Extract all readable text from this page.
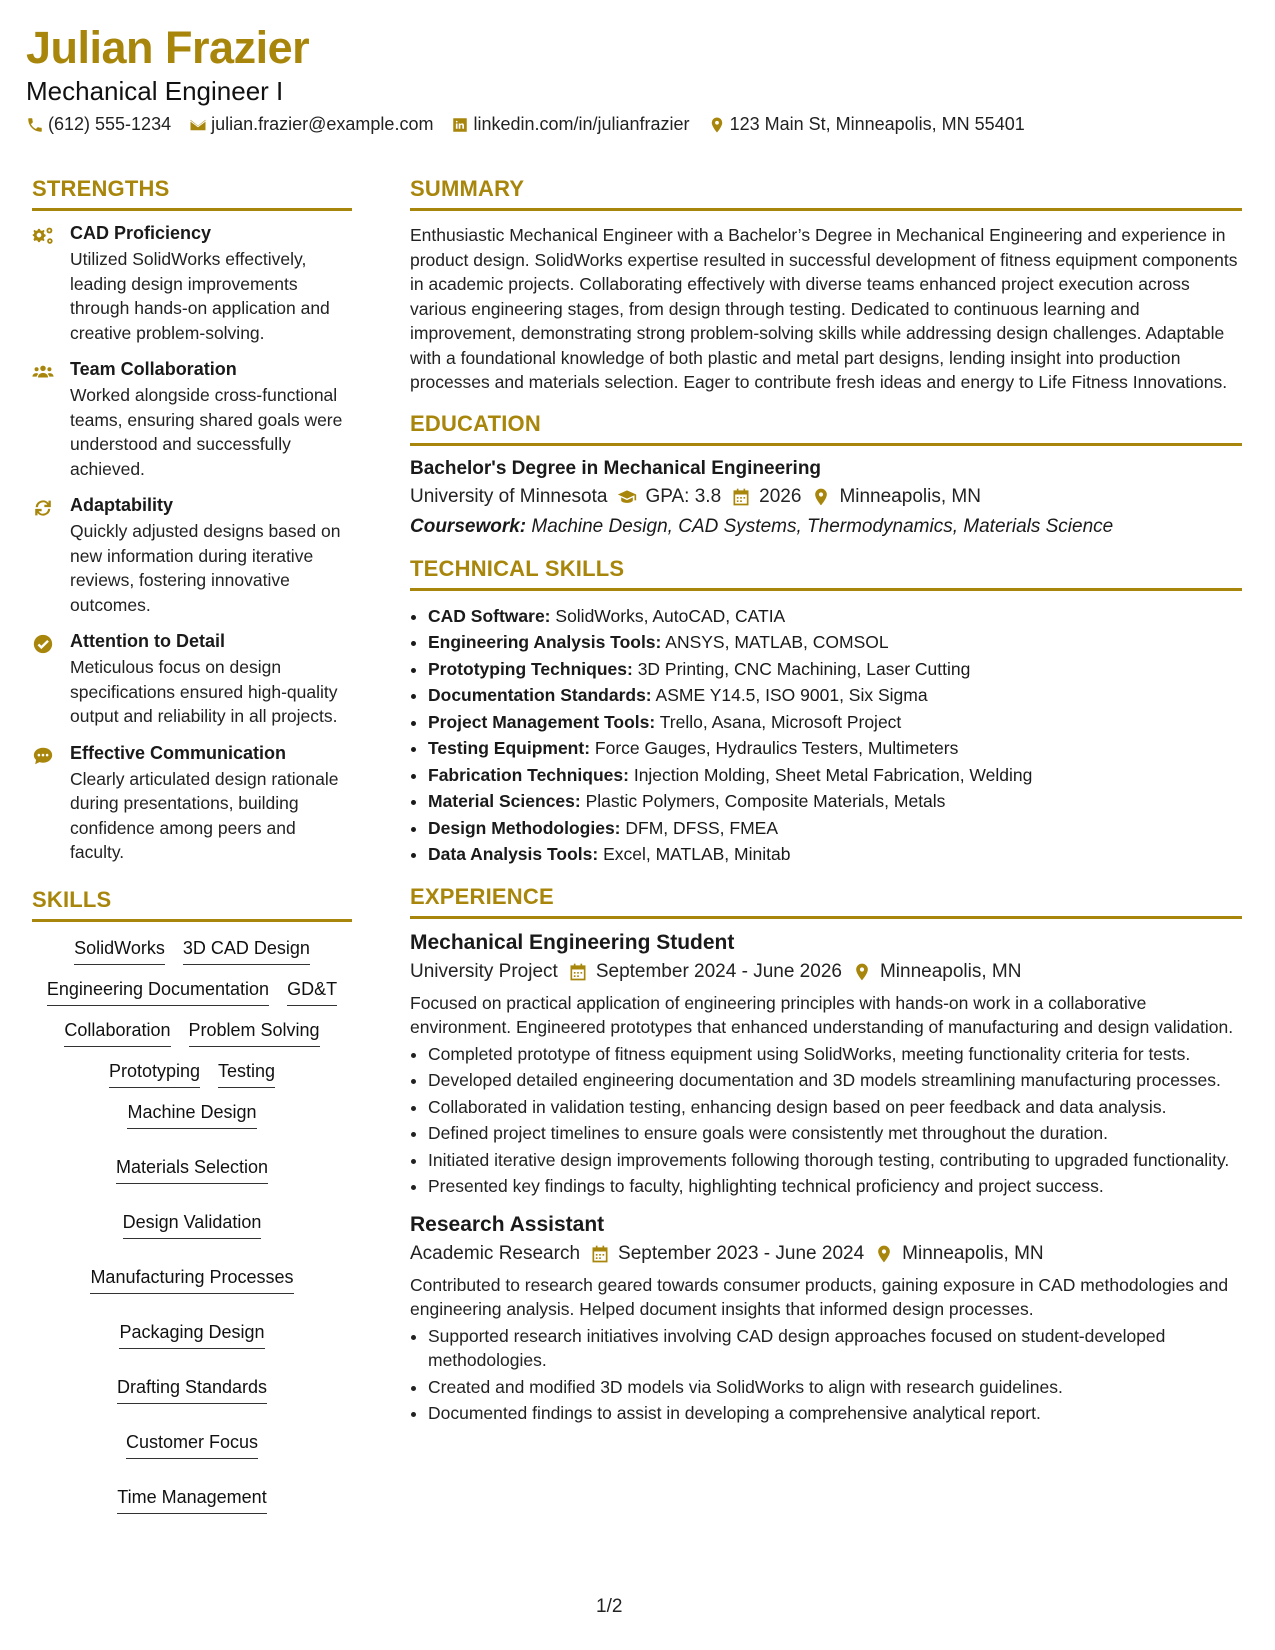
Julian Frazier
Mechanical Engineer I
(612) 555-1234 julian.frazier@example.com linkedin.com/in/julianfrazier 123 Main St, Minneapolis, MN 55401
STRENGTHS
CAD Proficiency
Utilized SolidWorks effectively, leading design improvements through hands-on application and creative problem-solving.
Team Collaboration
Worked alongside cross-functional teams, ensuring shared goals were understood and successfully achieved.
Adaptability
Quickly adjusted designs based on new information during iterative reviews, fostering innovative outcomes.
Attention to Detail
Meticulous focus on design specifications ensured high-quality output and reliability in all projects.
Effective Communication
Clearly articulated design rationale during presentations, building confidence among peers and faculty.
SKILLS
SolidWorks 3D CAD Design
Engineering Documentation GD&T
Collaboration Problem Solving
Prototyping Testing
Machine Design
Materials Selection
Design Validation
Manufacturing Processes
Packaging Design
Drafting Standards
Customer Focus
Time Management
SUMMARY
Enthusiastic Mechanical Engineer with a Bachelor’s Degree in Mechanical Engineering and experience in product design. SolidWorks expertise resulted in successful development of fitness equipment components in academic projects. Collaborating effectively with diverse teams enhanced project execution across various engineering stages, from design through testing. Dedicated to continuous learning and improvement, demonstrating strong problem-solving skills while addressing design challenges. Adaptable with a foundational knowledge of both plastic and metal part designs, lending insight into production processes and materials selection. Eager to contribute fresh ideas and energy to Life Fitness Innovations.
EDUCATION
Bachelor's Degree in Mechanical Engineering
University of Minnesota GPA: 3.8 2026 Minneapolis, MN
Coursework: Machine Design, CAD Systems, Thermodynamics, Materials Science
TECHNICAL SKILLS
• CAD Software: SolidWorks, AutoCAD, CATIA
• Engineering Analysis Tools: ANSYS, MATLAB, COMSOL
• Prototyping Techniques: 3D Printing, CNC Machining, Laser Cutting
• Documentation Standards: ASME Y14.5, ISO 9001, Six Sigma
• Project Management Tools: Trello, Asana, Microsoft Project
• Testing Equipment: Force Gauges, Hydraulics Testers, Multimeters
• Fabrication Techniques: Injection Molding, Sheet Metal Fabrication, Welding
• Material Sciences: Plastic Polymers, Composite Materials, Metals
• Design Methodologies: DFM, DFSS, FMEA
• Data Analysis Tools: Excel, MATLAB, Minitab
EXPERIENCE
Mechanical Engineering Student
University Project September 2024 - June 2026 Minneapolis, MN
Focused on practical application of engineering principles with hands-on work in a collaborative environment. Engineered prototypes that enhanced understanding of manufacturing and design validation.
• Completed prototype of fitness equipment using SolidWorks, meeting functionality criteria for tests.
• Developed detailed engineering documentation and 3D models streamlining manufacturing processes.
• Collaborated in validation testing, enhancing design based on peer feedback and data analysis.
• Defined project timelines to ensure goals were consistently met throughout the duration.
• Initiated iterative design improvements following thorough testing, contributing to upgraded functionality.
• Presented key findings to faculty, highlighting technical proficiency and project success.
Research Assistant
Academic Research September 2023 - June 2024 Minneapolis, MN
Contributed to research geared towards consumer products, gaining exposure in CAD methodologies and engineering analysis. Helped document insights that informed design processes.
• Supported research initiatives involving CAD design approaches focused on student-developed methodologies.
• Created and modified 3D models via SolidWorks to align with research guidelines.
• Documented findings to assist in developing a comprehensive analytical report.
1/2
